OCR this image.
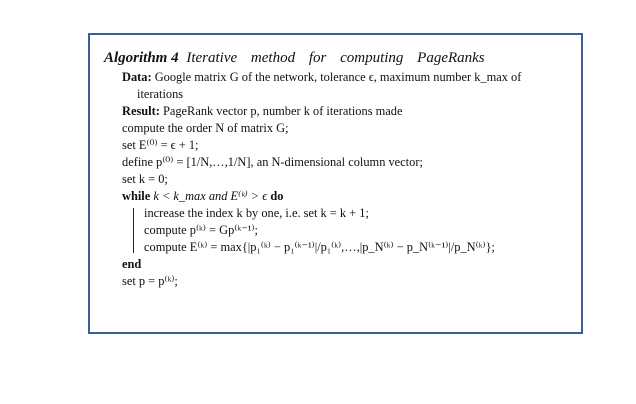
Algorithm 4 Iterative method for computing PageRanks
Data: Google matrix G of the network, tolerance ϵ, maximum number k_max of
iterations
Result: PageRank vector p, number k of iterations made
compute the order N of matrix G;
set E⁽⁰⁾ = ϵ + 1;
define p⁽⁰⁾ = [1/N,…,1/N], an N-dimensional column vector;
set k = 0;
while k < k_max and E⁽ᵏ⁾ > ϵ do
increase the index k by one, i.e. set k = k + 1;
compute p⁽ᵏ⁾ = Gp⁽ᵏ⁻¹⁾;
compute E⁽ᵏ⁾ = max{|p₁⁽ᵏ⁾ − p₁⁽ᵏ⁻¹⁾|/p₁⁽ᵏ⁾,…,|p_N⁽ᵏ⁾ − p_N⁽ᵏ⁻¹⁾|/p_N⁽ᵏ⁾};
end
set p = p⁽ᵏ⁾;
